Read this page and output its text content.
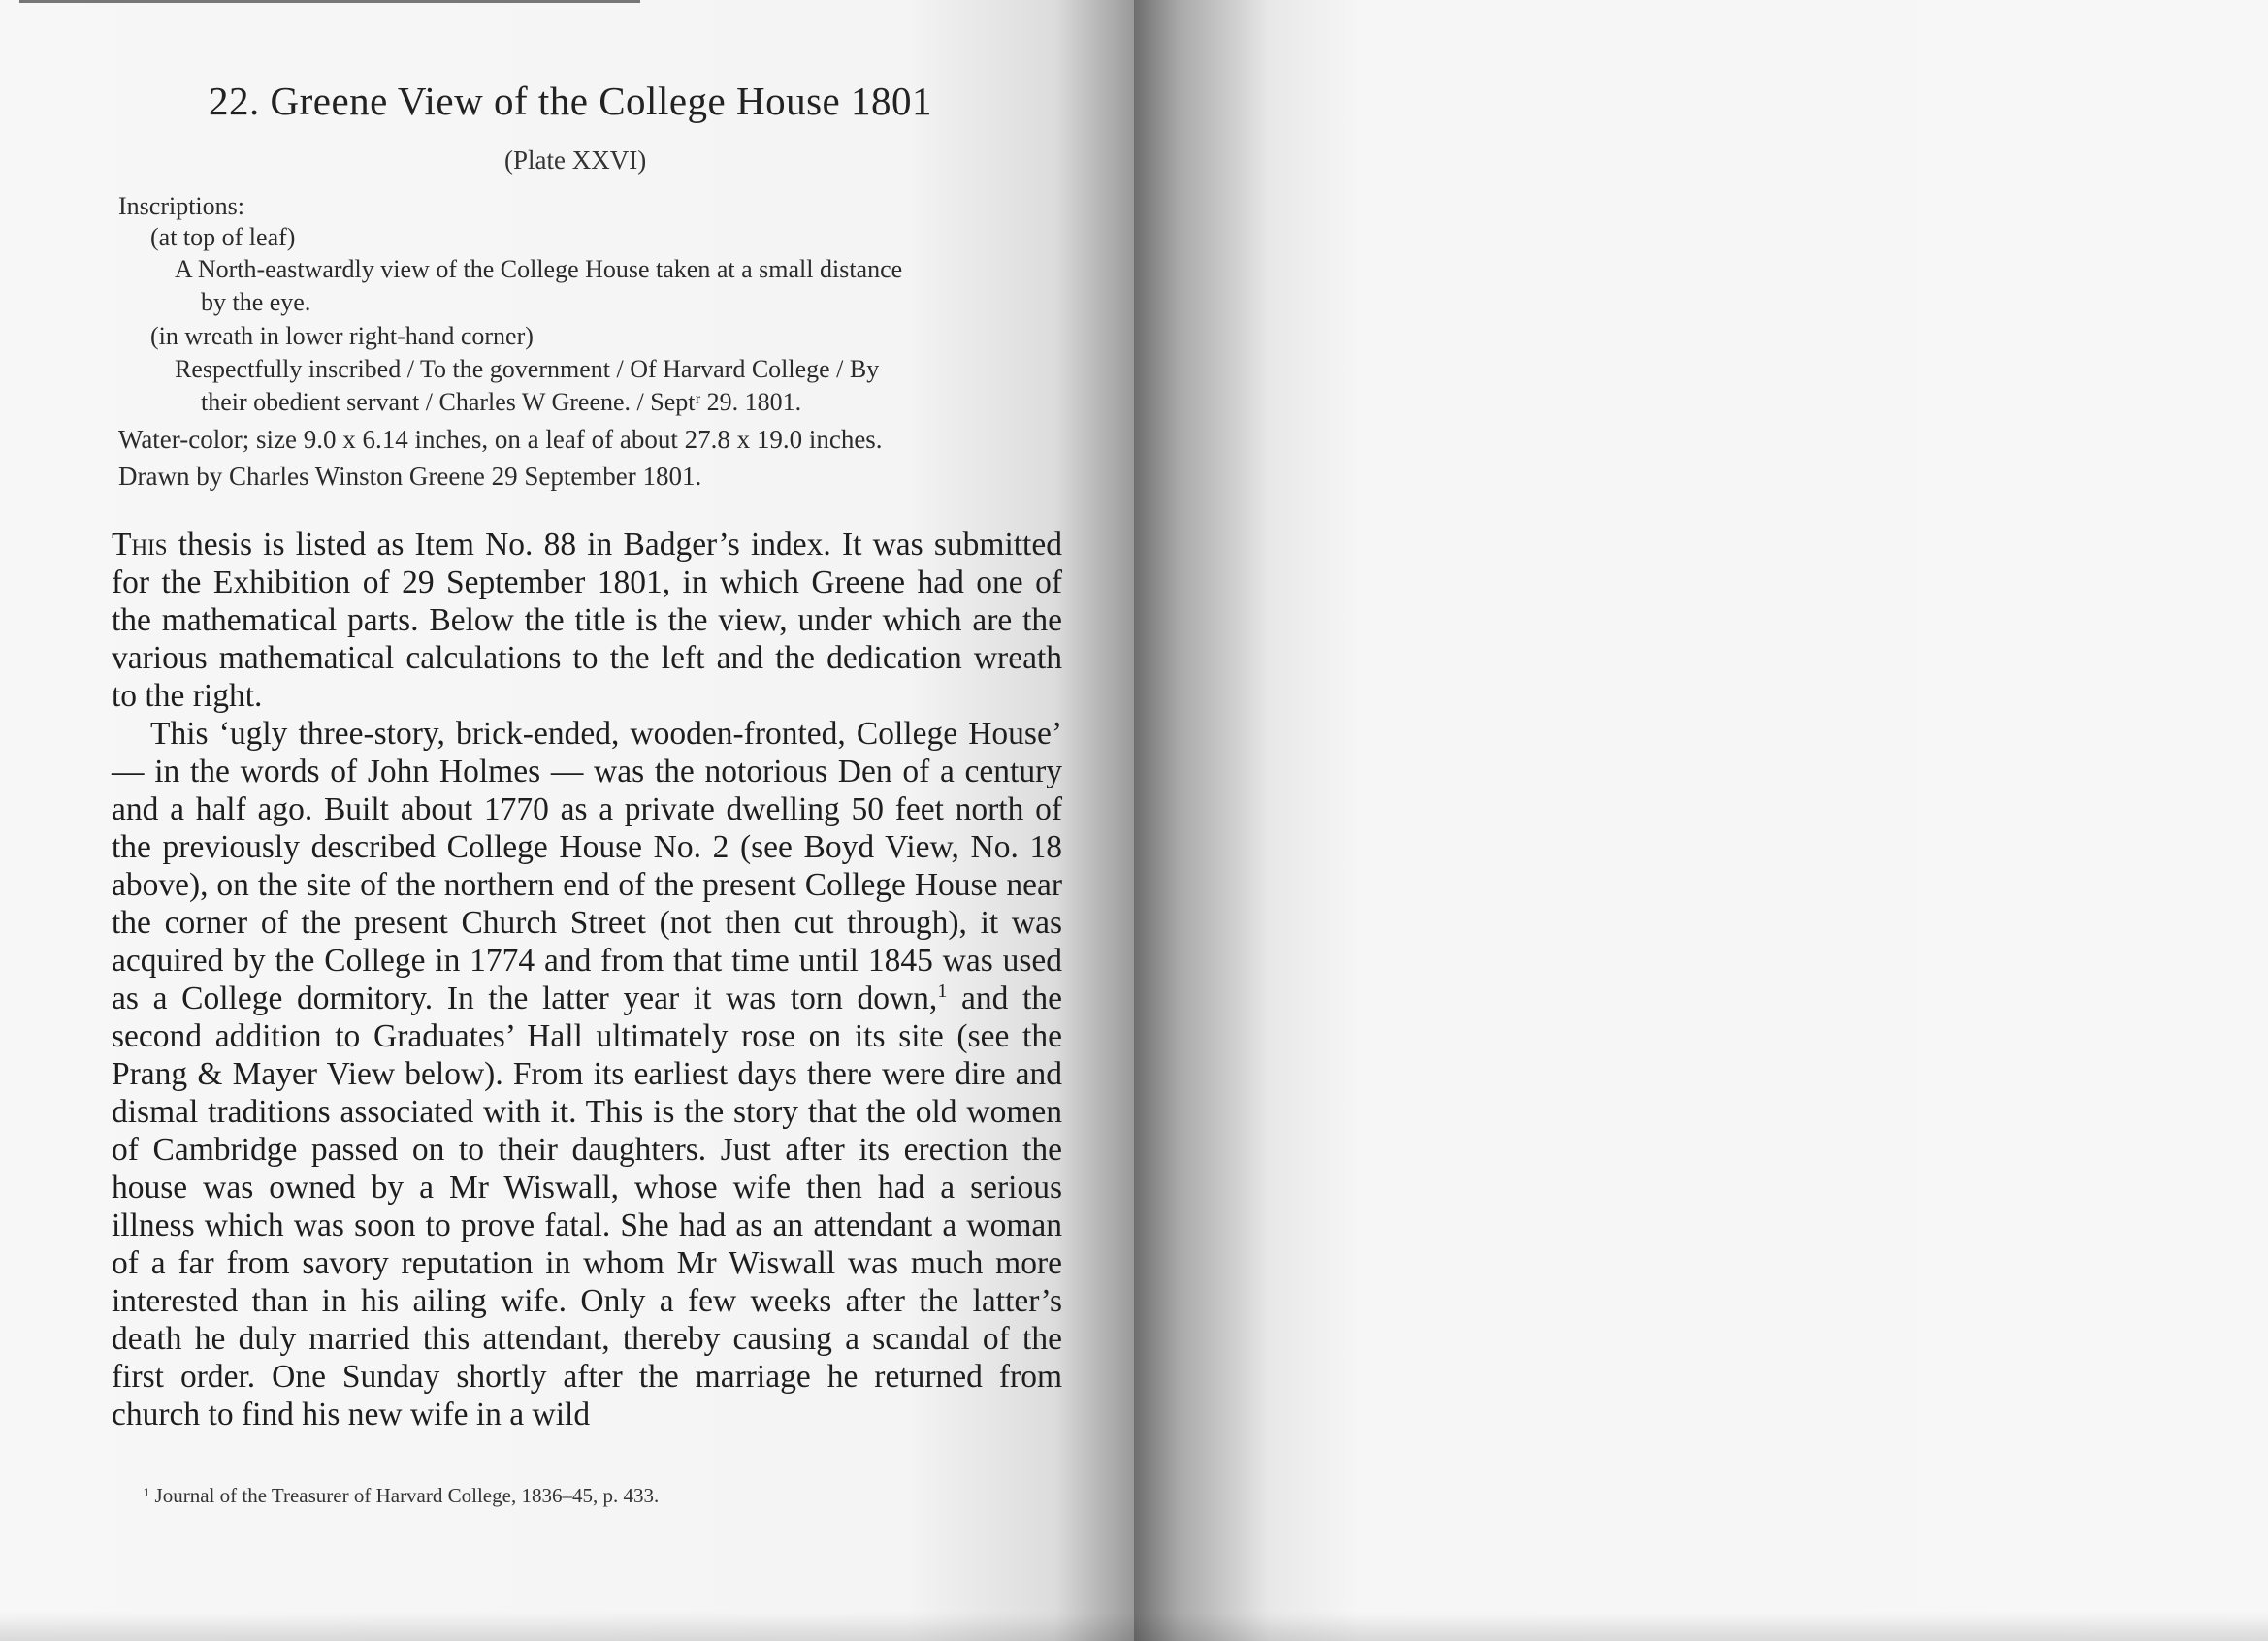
22. Greene View of the College House 1801
(Plate XXVI)
Inscriptions:
(at top of leaf)
A North-eastwardly view of the College House taken at a small distance
by the eye.
(in wreath in lower right-hand corner)
Respectfully inscribed / To the government / Of Harvard College / By
their obedient servant / Charles W Greene. / Septʳ 29. 1801.
Water-color; size 9.0 x 6.14 inches, on a leaf of about 27.8 x 19.0 inches.
Drawn by Charles Winston Greene 29 September 1801.

This thesis is listed as Item No. 88 in Badger’s index. It was submitted for the Exhibition of 29 September 1801, in which Greene had one of the mathematical parts. Below the title is the view, under which are the various mathematical calculations to the left and the dedication wreath to the right.

This ‘ugly three-story, brick-ended, wooden-fronted, College House’ — in the words of John Holmes — was the notorious Den of a century and a half ago. Built about 1770 as a private dwelling 50 feet north of the previously described College House No. 2 (see Boyd View, No. 18 above), on the site of the northern end of the present College House near the corner of the present Church Street (not then cut through), it was acquired by the College in 1774 and from that time until 1845 was used as a College dormitory. In the latter year it was torn down,$^1$ and the second addition to Graduates’ Hall ultimately rose on its site (see the Prang & Mayer View below). From its earliest days there were dire and dismal traditions associated with it. This is the story that the old women of Cambridge passed on to their daughters. Just after its erection the house was owned by a Mr Wiswall, whose wife then had a serious illness which was soon to prove fatal. She had as an attendant a woman of a far from savory reputation in whom Mr Wiswall was much more interested than in his ailing wife. Only a few weeks after the latter’s death he duly married this attendant, thereby causing a scandal of the first order. One Sunday shortly after the marriage he returned from church to find his new wife in a wild

¹ Journal of the Treasurer of Harvard College, 1836–45, p. 433.
